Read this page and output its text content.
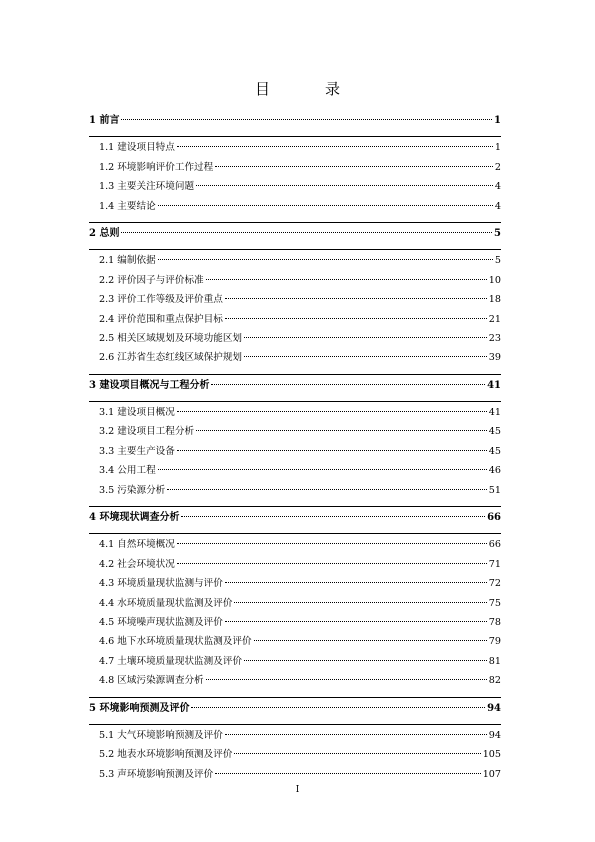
目　录
1 前言	1
1.1 建设项目特点	1
1.2 环境影响评价工作过程	2
1.3 主要关注环境问题	4
1.4 主要结论	4
2 总则	5
2.1 编制依据	5
2.2 评价因子与评价标准	10
2.3 评价工作等级及评价重点	18
2.4 评价范围和重点保护目标	21
2.5 相关区域规划及环境功能区划	23
2.6 江苏省生态红线区域保护规划	39
3 建设项目概况与工程分析	41
3.1 建设项目概况	41
3.2 建设项目工程分析	45
3.3 主要生产设备	45
3.4 公用工程	46
3.5 污染源分析	51
4 环境现状调查分析	66
4.1 自然环境概况	66
4.2 社会环境状况	71
4.3 环境质量现状监测与评价	72
4.4 水环境质量现状监测及评价	75
4.5 环境噪声现状监测及评价	78
4.6 地下水环境质量现状监测及评价	79
4.7 土壤环境质量现状监测及评价	81
4.8 区域污染源调查分析	82
5 环境影响预测及评价	94
5.1 大气环境影响预测及评价	94
5.2 地表水环境影响预测及评价	105
5.3 声环境影响预测及评价	107
I
